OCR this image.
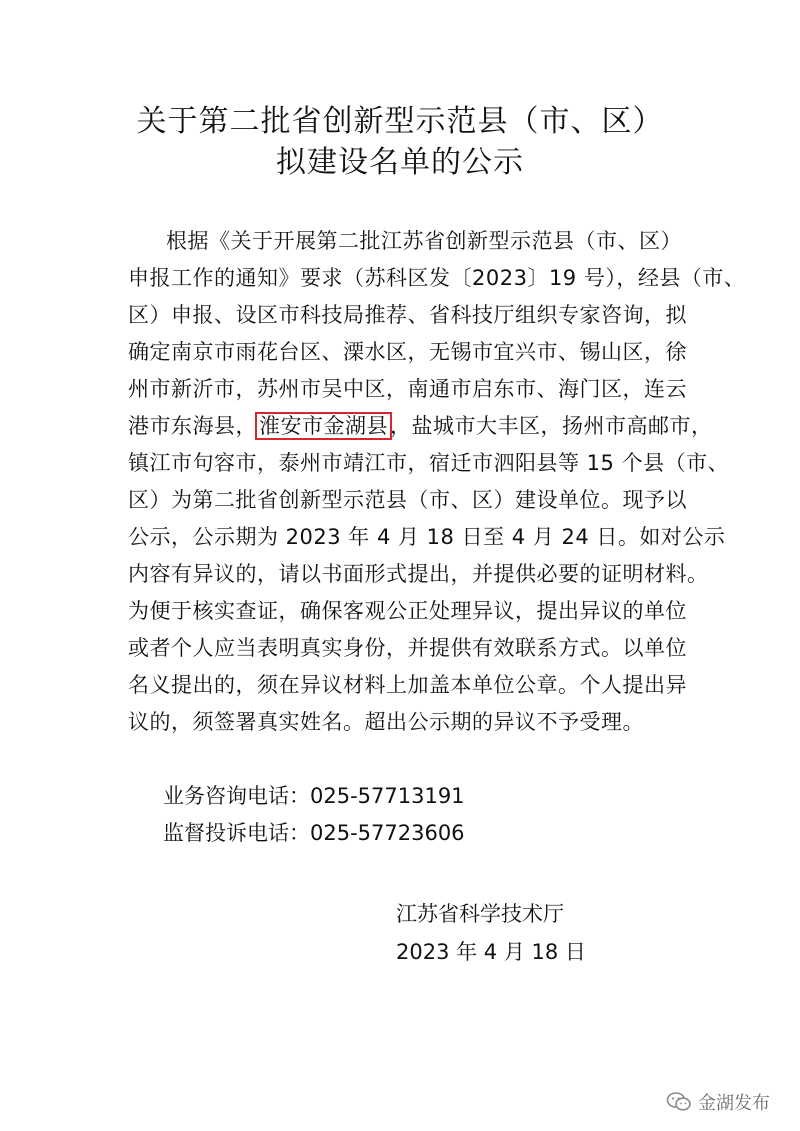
关于第二批省创新型示范县（市、区）
拟建设名单的公示
根据《关于开展第二批江苏省创新型示范县（市、区）
申报工作的通知》要求（苏科区发〔2023〕19 号），经县（市、
区）申报、设区市科技局推荐、省科技厅组织专家咨询，拟
确定南京市雨花台区、溧水区，无锡市宜兴市、锡山区，徐
州市新沂市，苏州市吴中区，南通市启东市、海门区，连云
港市东海县，淮安市金湖县，盐城市大丰区，扬州市高邮市，
镇江市句容市，泰州市靖江市，宿迁市泗阳县等 15 个县（市、
区）为第二批省创新型示范县（市、区）建设单位。现予以
公示，公示期为 2023 年 4 月 18 日至 4 月 24 日。如对公示
内容有异议的，请以书面形式提出，并提供必要的证明材料。
为便于核实查证，确保客观公正处理异议，提出异议的单位
或者个人应当表明真实身份，并提供有效联系方式。以单位
名义提出的，须在异议材料上加盖本单位公章。个人提出异
议的，须签署真实姓名。超出公示期的异议不予受理。
业务咨询电话：025-57713191
监督投诉电话：025-57723606
江苏省科学技术厅
2023 年 4 月 18 日
金湖发布
